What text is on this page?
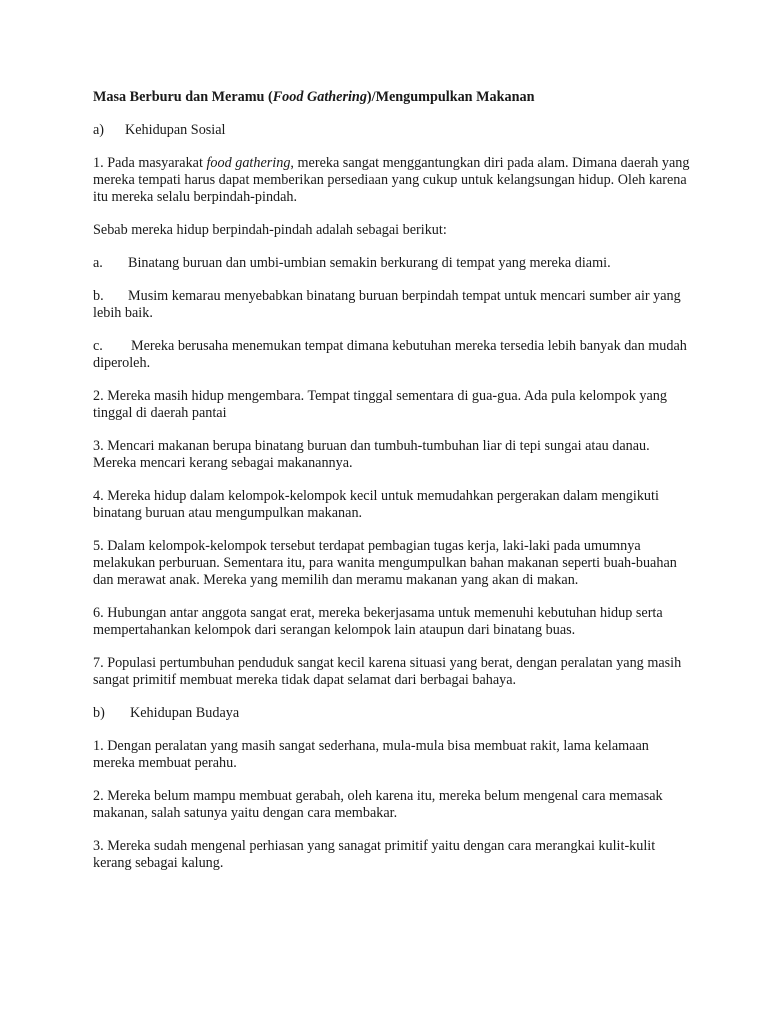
Masa Berburu dan Meramu (Food Gathering)/Mengumpulkan Makanan

a) Kehidupan Sosial

1. Pada masyarakat food gathering, mereka sangat menggantungkan diri pada alam. Dimana daerah yang mereka tempati harus dapat memberikan persediaan yang cukup untuk kelangsungan hidup. Oleh karena itu mereka selalu berpindah-pindah.

Sebab mereka hidup berpindah-pindah adalah sebagai berikut:

a. Binatang buruan dan umbi-umbian semakin berkurang di tempat yang mereka diami.

b. Musim kemarau menyebabkan binatang buruan berpindah tempat untuk mencari sumber air yang lebih baik.

c. Mereka berusaha menemukan tempat dimana kebutuhan mereka tersedia lebih banyak dan mudah diperoleh.

2. Mereka masih hidup mengembara. Tempat tinggal sementara di gua-gua. Ada pula kelompok yang tinggal di daerah pantai

3. Mencari makanan berupa binatang buruan dan tumbuh-tumbuhan liar di tepi sungai atau danau. Mereka mencari kerang sebagai makanannya.

4. Mereka hidup dalam kelompok-kelompok kecil untuk memudahkan pergerakan dalam mengikuti binatang buruan atau mengumpulkan makanan.

5. Dalam kelompok-kelompok tersebut terdapat pembagian tugas kerja, laki-laki pada umumnya melakukan perburuan. Sementara itu, para wanita mengumpulkan bahan makanan seperti buah-buahan dan merawat anak. Mereka yang memilih dan meramu makanan yang akan di makan.

6. Hubungan antar anggota sangat erat, mereka bekerjasama untuk memenuhi kebutuhan hidup serta mempertahankan kelompok dari serangan kelompok lain ataupun dari binatang buas.

7. Populasi pertumbuhan penduduk sangat kecil karena situasi yang berat, dengan peralatan yang masih sangat primitif membuat mereka tidak dapat selamat dari berbagai bahaya.

b) Kehidupan Budaya

1. Dengan peralatan yang masih sangat sederhana, mula-mula bisa membuat rakit, lama kelamaan mereka membuat perahu.

2. Mereka belum mampu membuat gerabah, oleh karena itu, mereka belum mengenal cara memasak makanan, salah satunya yaitu dengan cara membakar.

3. Mereka sudah mengenal perhiasan yang sanagat primitif yaitu dengan cara merangkai kulit-kulit kerang sebagai kalung.
